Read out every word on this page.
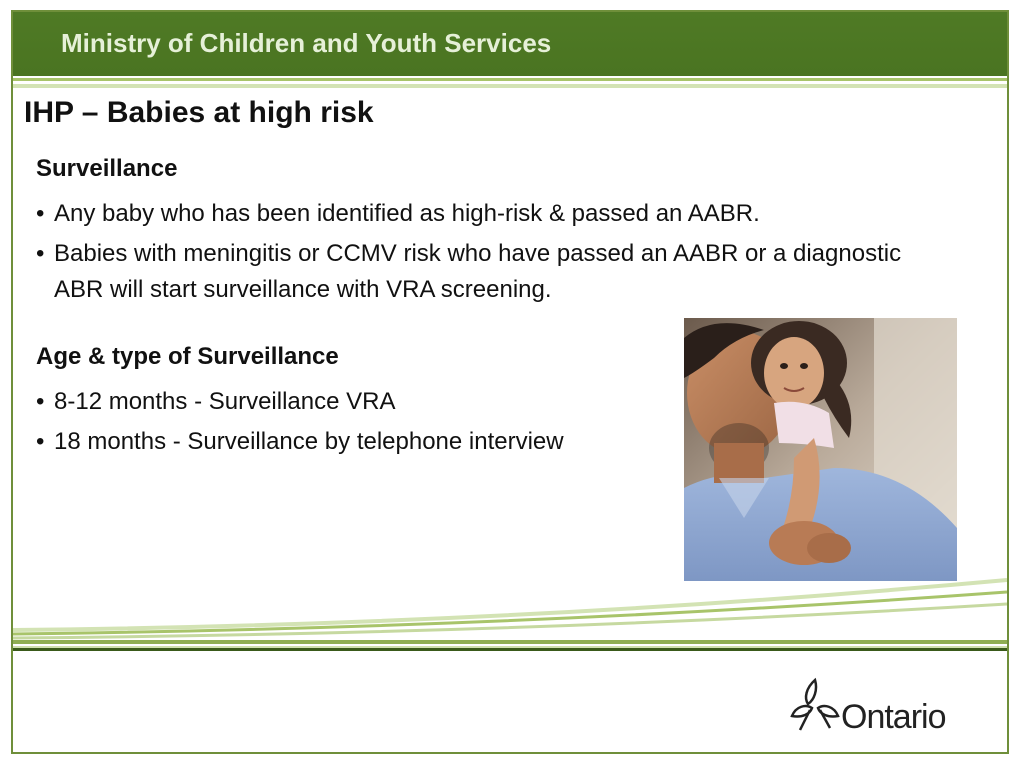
Ministry of Children and Youth Services
IHP – Babies at high risk
Surveillance
• Any baby who has been identified as high-risk & passed an AABR.
• Babies with meningitis or CCMV risk who have passed an AABR or a diagnostic ABR will start surveillance with VRA screening.
Age & type of Surveillance
• 8-12 months - Surveillance VRA
• 18 months - Surveillance by telephone interview
Ontario
